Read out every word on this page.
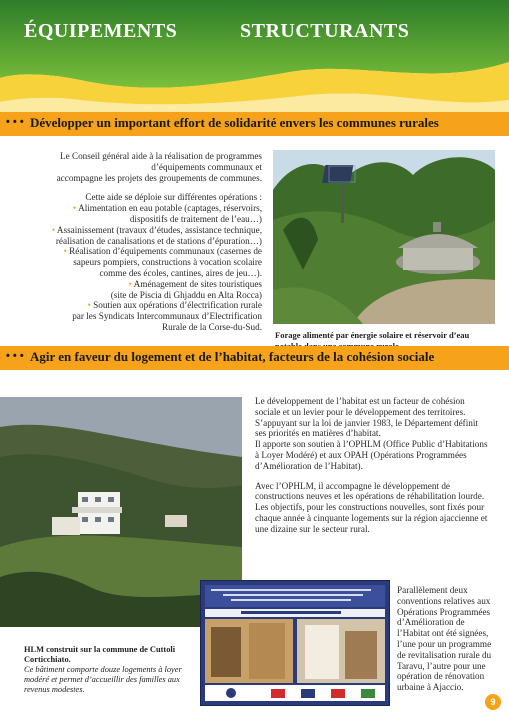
ÉQUIPEMENTS	STRUCTURANTS
• • • Développer un important effort de solidarité envers les communes rurales

Le Conseil général aide à la réalisation de programmes

d’équipements communaux et

accompagne les projets des groupements de communes.

Cette aide se déploie sur différentes opérations :

• Alimentation en eau potable (captages, réservoirs,

dispositifs de traitement de l’eau…)

• Assainissement (travaux d’études, assistance technique,

réalisation de canalisations et de stations d’épuration…)

• Réalisation d’équipements communaux (casernes de

sapeurs pompiers, constructions à vocation scolaire

comme des écoles, cantines, aires de jeu…).

• Aménagement de sites touristiques

(site de Piscia di Ghjaddu en Alta Rocca)

• Soutien aux opérations d’électrification rurale

par les Syndicats Intercommunaux d’Electrification

Rurale de la Corse-du-Sud.

Forage alimenté par énergie solaire et réservoir d’eau
• • • Agir en faveur du logement et de l’habitat, facteurs de la cohésion sociale
HLM construit sur la commune de Cuttoli Corticchiato.
Ce bâtiment comporte douze logements à loyer modéré et permet d’accueillir des familles aux revenus modestes.

Le développement de l’habitat est un facteur de cohésion sociale et un levier pour le développement des territoires.

S’appuyant sur la loi de janvier 1983, le Département définit ses priorités en matières d’habitat.

Il apporte son soutien à l’OPHLM (Office Public d’Habitations à Loyer Modéré) et aux OPAH (Opérations Programmées d’Amélioration de l’Habitat).

Avec l’OPHLM, il accompagne le développement de constructions neuves et les opérations de réhabilitation lourde.

Les objectifs, pour les constructions nouvelles, sont fixés pour chaque année à cinquante logements sur la région ajaccienne et une dizaine sur le secteur rural.

Parallèlement deux conventions relatives aux Opérations Programmées d’Amélioration de l’Habitat ont été signées, l’une pour un programme de revitalisation rurale du Taravu, l’autre pour une opération de rénovation urbaine à Ajaccio.
9
